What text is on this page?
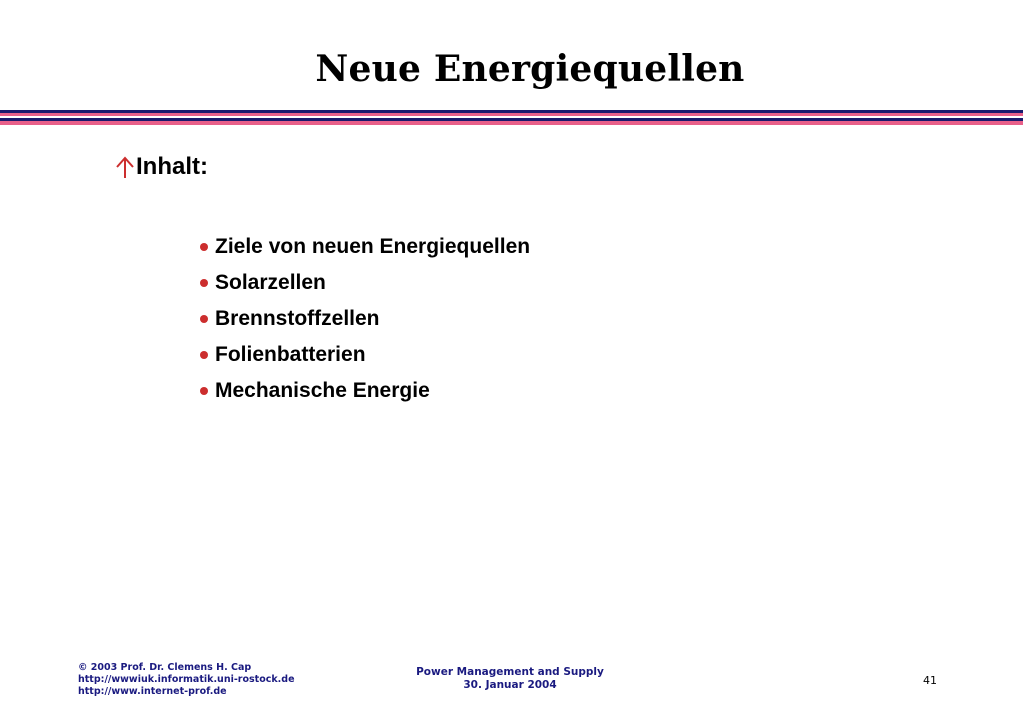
Neue Energiequellen
Inhalt:
Ziele von neuen Energiequellen
Solarzellen
Brennstoffzellen
Folienbatterien
Mechanische Energie
© 2003 Prof. Dr. Clemens H. Cap
http://wwwiuk.informatik.uni-rostock.de
http://www.internet-prof.de
Power Management and Supply
30. Januar 2004	41
